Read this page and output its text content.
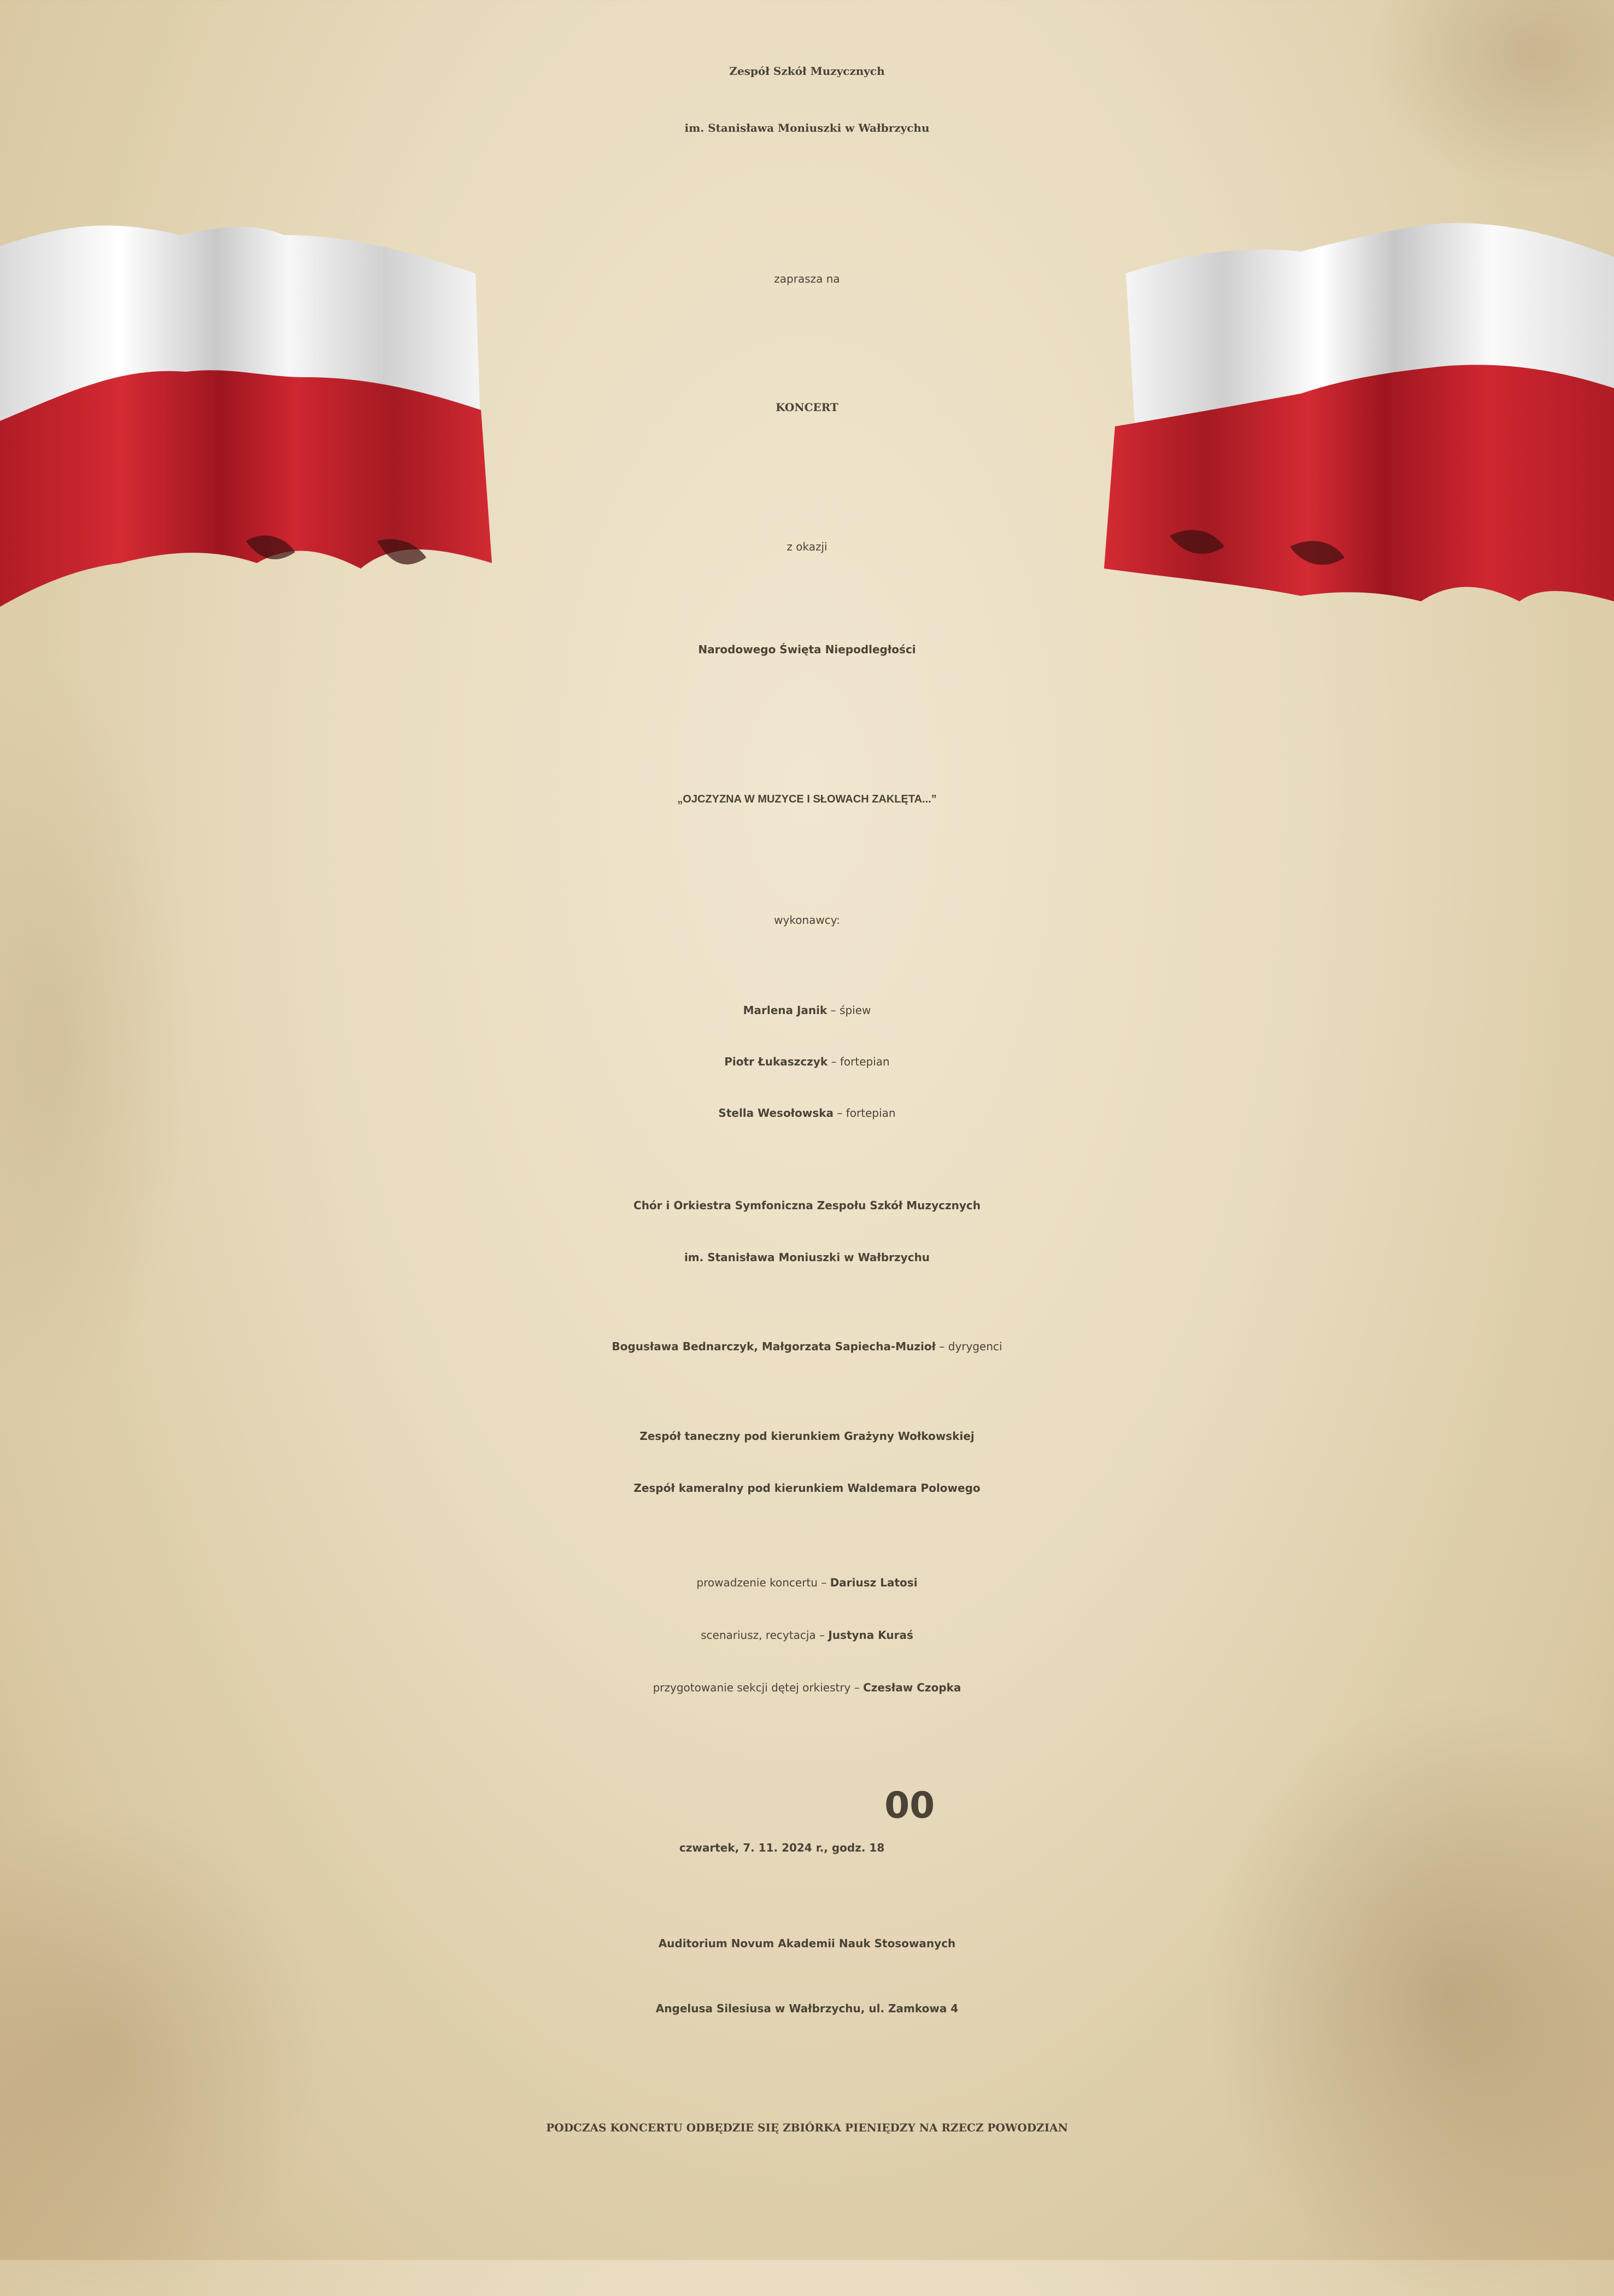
Zespół Szkół Muzycznych
im. Stanisława Moniuszki w Wałbrzychu
zaprasza na
KONCERT
z okazji
Narodowego Święta Niepodległości
„OJCZYZNA W MUZYCE I SŁOWACH ZAKLĘTA...”
wykonawcy:
Marlena Janik – śpiew
Piotr Łukaszczyk – fortepian
Stella Wesołowska – fortepian
Chór i Orkiestra Symfoniczna Zespołu Szkół Muzycznych
im. Stanisława Moniuszki w Wałbrzychu
Bogusława Bednarczyk, Małgorzata Sapiecha-Muzioł – dyrygenci
Zespół taneczny pod kierunkiem Grażyny Wołkowskiej
Zespół kameralny pod kierunkiem Waldemara Polowego
prowadzenie koncertu – Dariusz Latosi
scenariusz, recytacja – Justyna Kuraś
przygotowanie sekcji dętej orkiestry – Czesław Czopka
czwartek, 7. 11. 2024 r., godz. $18^{00}$
Auditorium Novum Akademii Nauk Stosowanych
Angelusa Silesiusa w Wałbrzychu, ul. Zamkowa 4
PODCZAS KONCERTU ODBĘDZIE SIĘ ZBIÓRKA PIENIĘDZY NA RZECZ POWODZIAN
